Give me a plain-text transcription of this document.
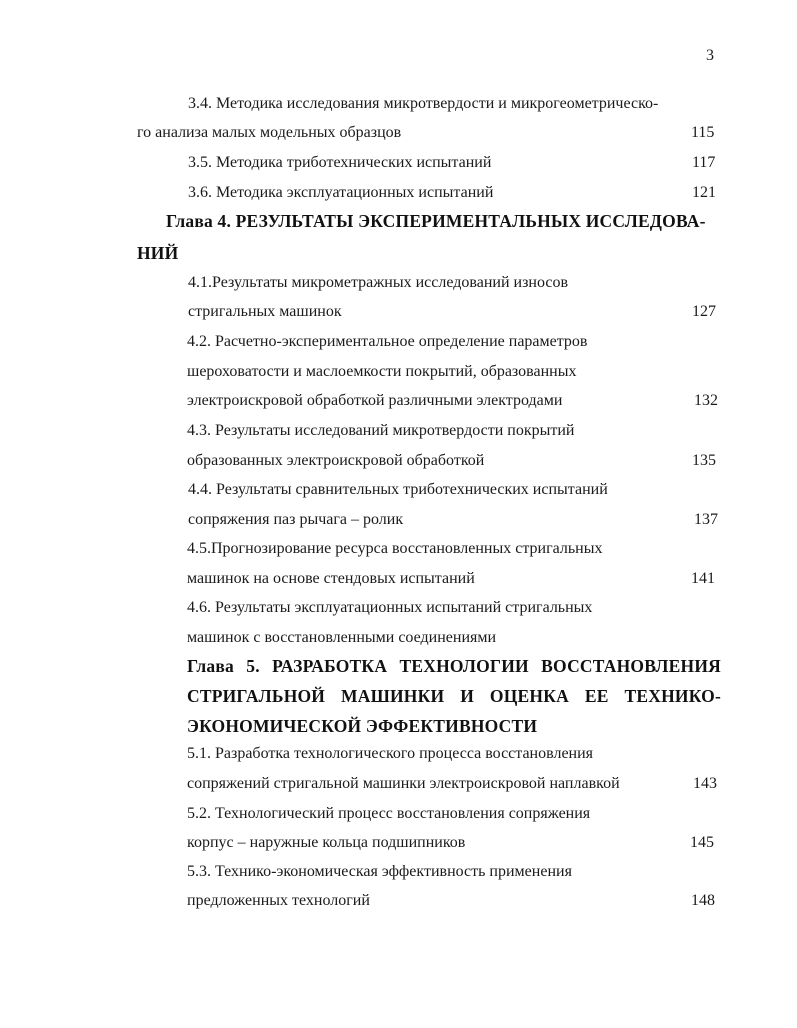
3
3.4. Методика исследования микротвердости и микрогеометрическо-
го анализа малых модельных образцов	115
3.5. Методика триботехнических испытаний	117
3.6. Методика эксплуатационных испытаний	121
Глава 4. РЕЗУЛЬТАТЫ ЭКСПЕРИМЕНТАЛЬНЫХ ИССЛЕДОВА-
НИЙ
4.1.Результаты микрометражных исследований износов
стригальных машинок	127
4.2. Расчетно-экспериментальное определение параметров
шероховатости и маслоемкости покрытий, образованных
электроискровой обработкой различными электродами	132
4.3. Результаты исследований микротвердости покрытий
образованных электроискровой обработкой	135
4.4. Результаты сравнительных триботехнических испытаний
сопряжения паз рычага – ролик	137
4.5.Прогнозирование ресурса восстановленных стригальных
машинок на основе стендовых испытаний	141
4.6. Результаты эксплуатационных испытаний стригальных
машинок с восстановленными соединениями
Глава 5. РАЗРАБОТКА ТЕХНОЛОГИИ ВОССТАНОВЛЕНИЯ
СТРИГАЛЬНОЙ МАШИНКИ И ОЦЕНКА ЕЕ ТЕХНИКО-
ЭКОНОМИЧЕСКОЙ ЭФФЕКТИВНОСТИ
5.1. Разработка технологического процесса восстановления
сопряжений стригальной машинки электроискровой наплавкой	143
5.2. Технологический процесс восстановления сопряжения
корпус – наружные кольца подшипников	145
5.3. Технико-экономическая эффективность применения
предложенных технологий	148
